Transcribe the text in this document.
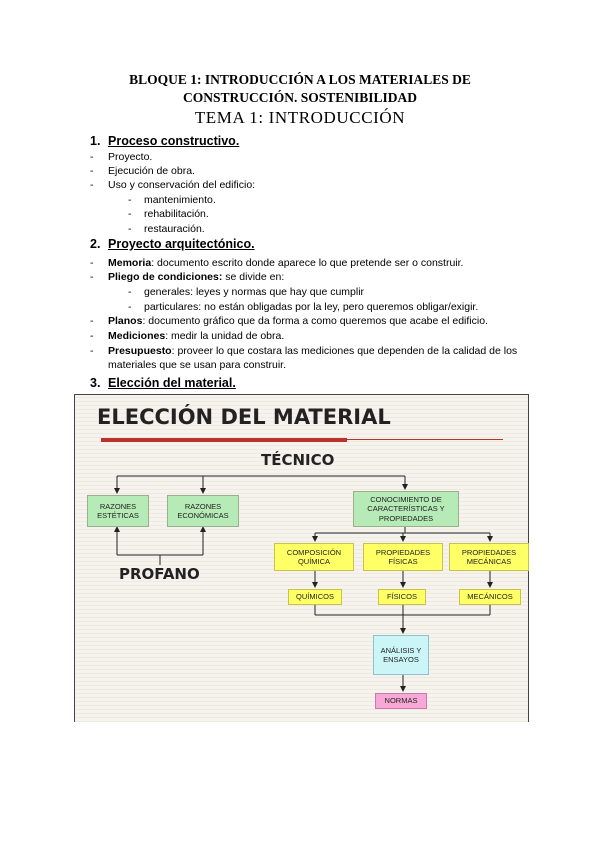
BLOQUE 1: INTRODUCCIÓN A LOS MATERIALES DE
CONSTRUCCIÓN. SOSTENIBILIDAD
TEMA 1: INTRODUCCIÓN
1. Proceso constructivo.
- Proyecto.
- Ejecución de obra.
- Uso y conservación del edificio:
- mantenimiento.
- rehabilitación.
- restauración.
2. Proyecto arquitectónico.
- Memoria: documento escrito donde aparece lo que pretende ser o construir.
- Pliego de condiciones: se divide en:
- generales: leyes y normas que hay que cumplir
- particulares: no están obligadas por la ley, pero queremos obligar/exigir.
- Planos: documento gráfico que da forma a como queremos que acabe el edificio.
- Mediciones: medir la unidad de obra.
- Presupuesto: proveer lo que costara las mediciones que dependen de la calidad de los materiales que se usan para construir.
3. Elección del material.
ELECCIÓN DEL MATERIAL
TÉCNICO
PROFANO
RAZONES ESTÉTICAS
RAZONES ECONÓMICAS
CONOCIMIENTO DE CARACTERÍSTICAS Y PROPIEDADES
COMPOSICIÓN QUÍMICA
PROPIEDADES FÍSICAS
PROPIEDADES MECÁNICAS
QUÍMICOS	FÍSICOS	MECÁNICOS
ANÁLISIS Y ENSAYOS
NORMAS
